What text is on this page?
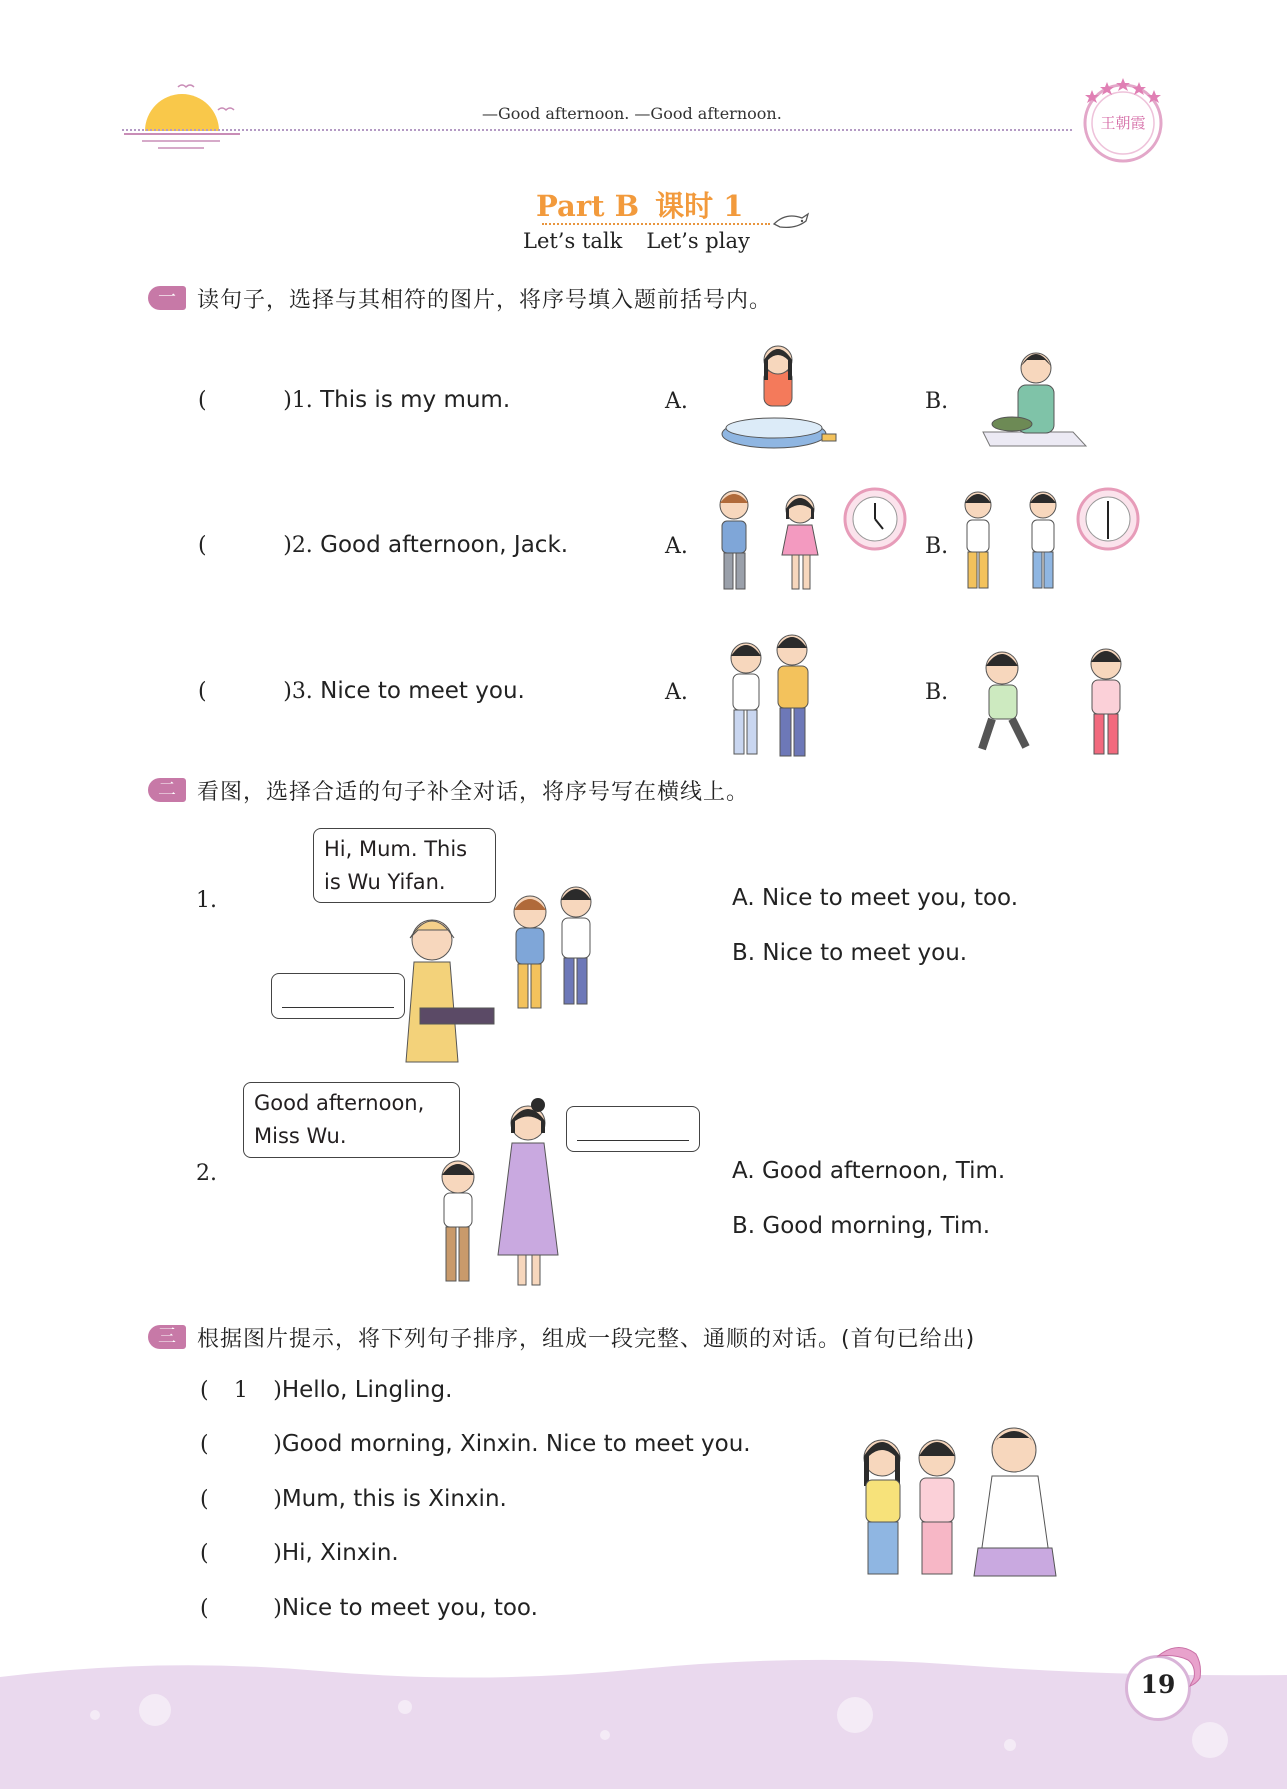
—Good afternoon. —Good afternoon.	王朝霞
Part B 课时 1
Let’s talk Let’s play
一 读句子，选择与其相符的图片，将序号填入题前括号内。
(	)1. This is my mum.	A.	B.
(	)2. Good afternoon, Jack.	A.	B.
(	)3. Nice to meet you.	A.	B.
二 看图，选择合适的句子补全对话，将序号写在横线上。
1.
Hi, Mum. This
is Wu Yifan.
A. Nice to meet you, too.
B. Nice to meet you.
2.
Good afternoon,
Miss Wu.
A. Good afternoon, Tim.
B. Good morning, Tim.
三 根据图片提示，将下列句子排序，组成一段完整、通顺的对话。(首句已给出)
( 1 )Hello, Lingling.
(	)Good morning, Xinxin. Nice to meet you.
(	)Mum, this is Xinxin.
(	)Hi, Xinxin.
(	)Nice to meet you, too.
19
